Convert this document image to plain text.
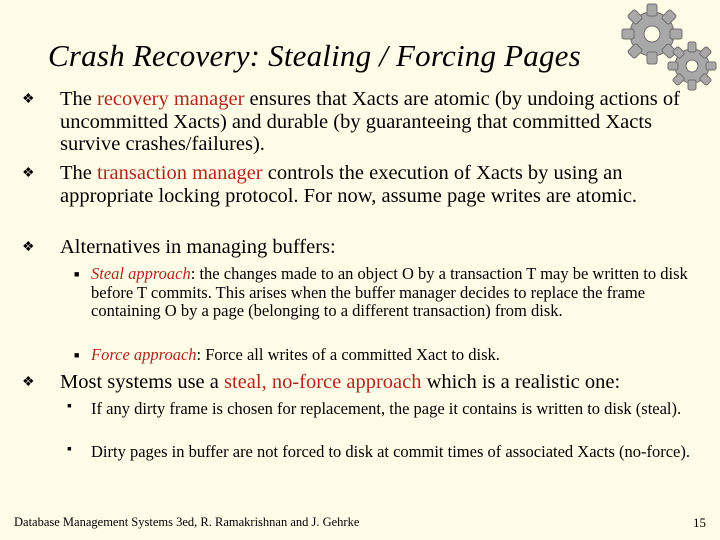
Crash Recovery: Stealing / Forcing Pages
❖ The recovery manager ensures that Xacts are atomic (by undoing actions of uncommitted Xacts) and durable (by guaranteeing that committed Xacts survive crashes/failures).
❖ The transaction manager controls the execution of Xacts by using an appropriate locking protocol. For now, assume page writes are atomic.
❖ Alternatives in managing buffers:
■ Steal approach: the changes made to an object O by a transaction T may be written to disk before T commits. This arises when the buffer manager decides to replace the frame containing O by a page (belonging to a different transaction) from disk.
■ Force approach: Force all writes of a committed Xact to disk.
❖ Most systems use a steal, no-force approach which is a realistic one:
▪ If any dirty frame is chosen for replacement, the page it contains is written to disk (steal).
▪ Dirty pages in buffer are not forced to disk at commit times of associated Xacts (no-force).
Database Management Systems 3ed, R. Ramakrishnan and J. Gehrke	15
